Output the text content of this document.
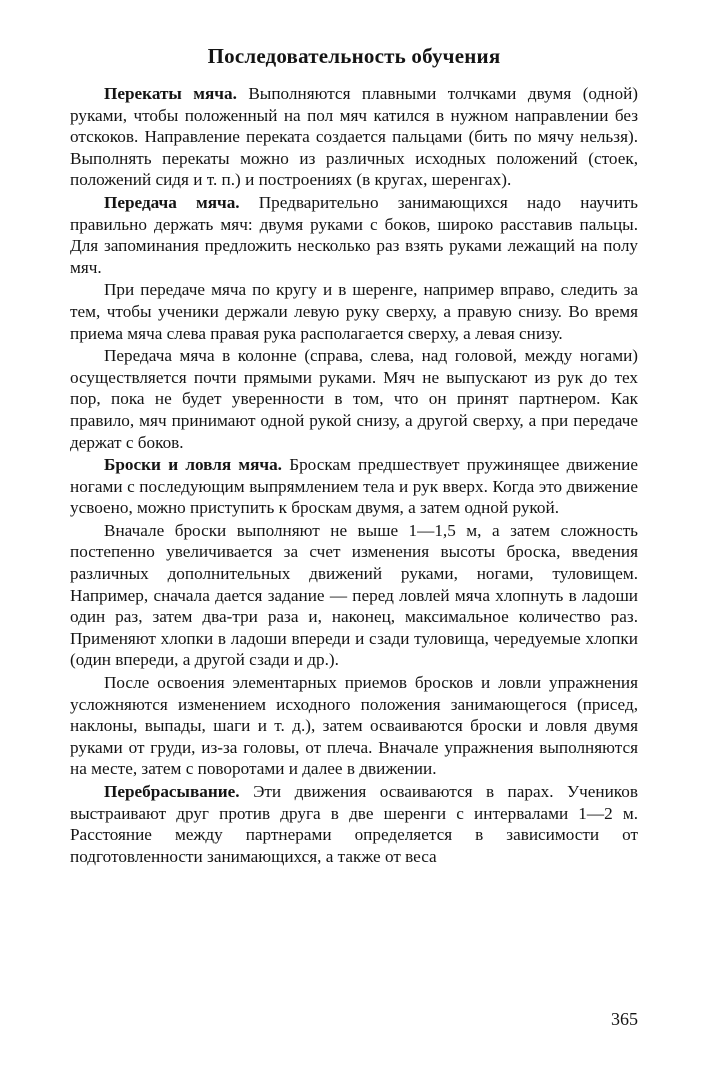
Последовательность обучения

Перекаты мяча. Выполняются плавными толчками двумя (одной) руками, чтобы положенный на пол мяч катился в нужном направлении без отскоков. Направление переката создается пальцами (бить по мячу нельзя). Выполнять перекаты можно из различных исходных положений (стоек, положений сидя и т. п.) и построениях (в кругах, шеренгах).

Передача мяча. Предварительно занимающихся надо научить правильно держать мяч: двумя руками с боков, широко расставив пальцы. Для запоминания предложить несколько раз взять руками лежащий на полу мяч.

При передаче мяча по кругу и в шеренге, например вправо, следить за тем, чтобы ученики держали левую руку сверху, а правую снизу. Во время приема мяча слева правая рука располагается сверху, а левая снизу.

Передача мяча в колонне (справа, слева, над головой, между ногами) осуществляется почти прямыми руками. Мяч не выпускают из рук до тех пор, пока не будет уверенности в том, что он принят партнером. Как правило, мяч принимают одной рукой снизу, а другой сверху, а при передаче держат с боков.

Броски и ловля мяча. Броскам предшествует пружинящее движение ногами с последующим выпрямлением тела и рук вверх. Когда это движение усвоено, можно приступить к броскам двумя, а затем одной рукой.

Вначале броски выполняют не выше 1—1,5 м, а затем сложность постепенно увеличивается за счет изменения высоты броска, введения различных дополнительных движений руками, ногами, туловищем. Например, сначала дается задание — перед ловлей мяча хлопнуть в ладоши один раз, затем два-три раза и, наконец, максимальное количество раз. Применяют хлопки в ладоши впереди и сзади туловища, чередуемые хлопки (один впереди, а другой сзади и др.).

После освоения элементарных приемов бросков и ловли упражнения усложняются изменением исходного положения занимающегося (присед, наклоны, выпады, шаги и т. д.), затем осваиваются броски и ловля двумя руками от груди, из-за головы, от плеча. Вначале упражнения выполняются на месте, затем с поворотами и далее в движении.

Перебрасывание. Эти движения осваиваются в парах. Учеников выстраивают друг против друга в две шеренги с интервалами 1—2 м. Расстояние между партнерами определяется в зависимости от подготовленности занимающихся, а также от веса

365
